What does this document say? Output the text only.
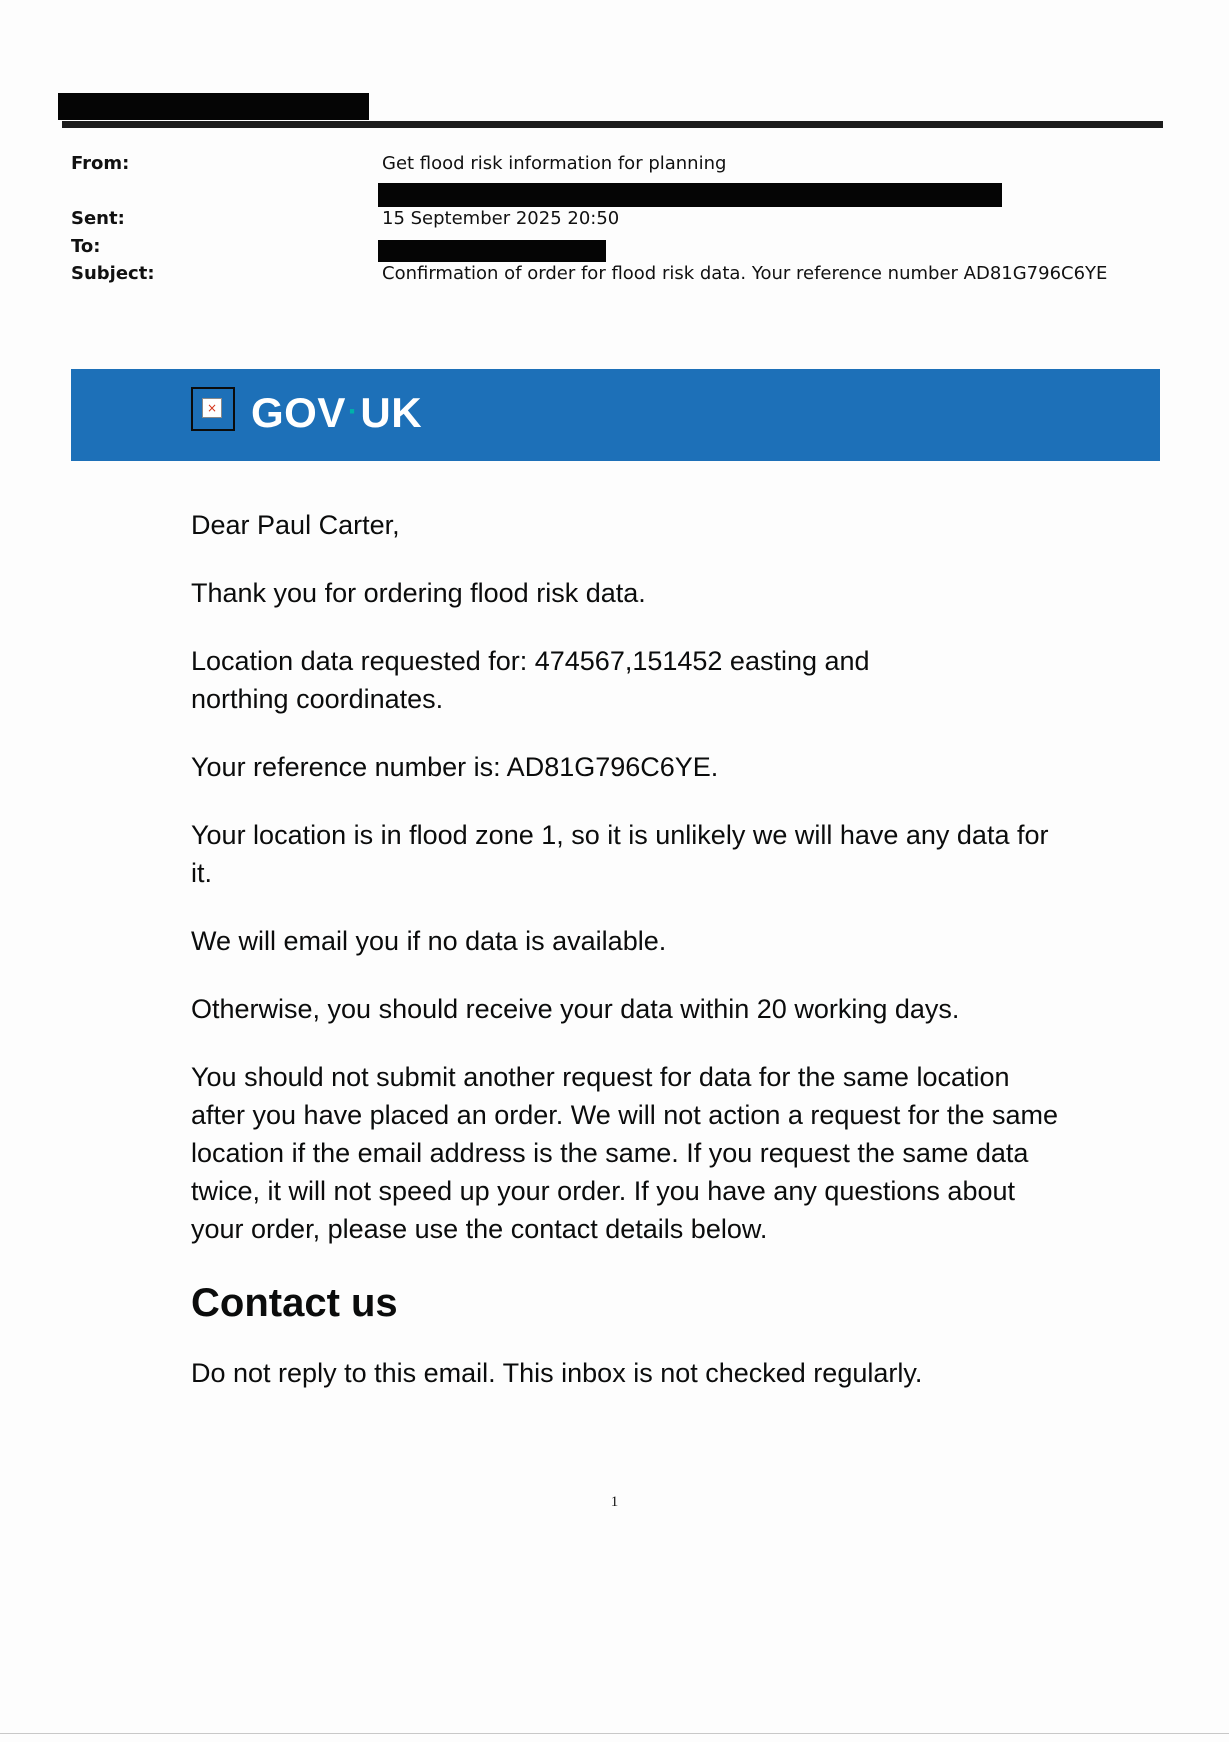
From:	Get flood risk information for planning
Sent:	15 September 2025 20:50
To:
Subject:	Confirmation of order for flood risk data. Your reference number AD81G796C6YE
× GOV·UK

Dear Paul Carter,

Thank you for ordering flood risk data.

Location data requested for: 474567,151452 easting and northing coordinates.

Your reference number is: AD81G796C6YE.

Your location is in flood zone 1, so it is unlikely we will have any data for it.

We will email you if no data is available.

Otherwise, you should receive your data within 20 working days.

You should not submit another request for data for the same location after you have placed an order. We will not action a request for the same location if the email address is the same. If you request the same data twice, it will not speed up your order. If you have any questions about your order, please use the contact details below.

Contact us

Do not reply to this email. This inbox is not checked regularly.

1
